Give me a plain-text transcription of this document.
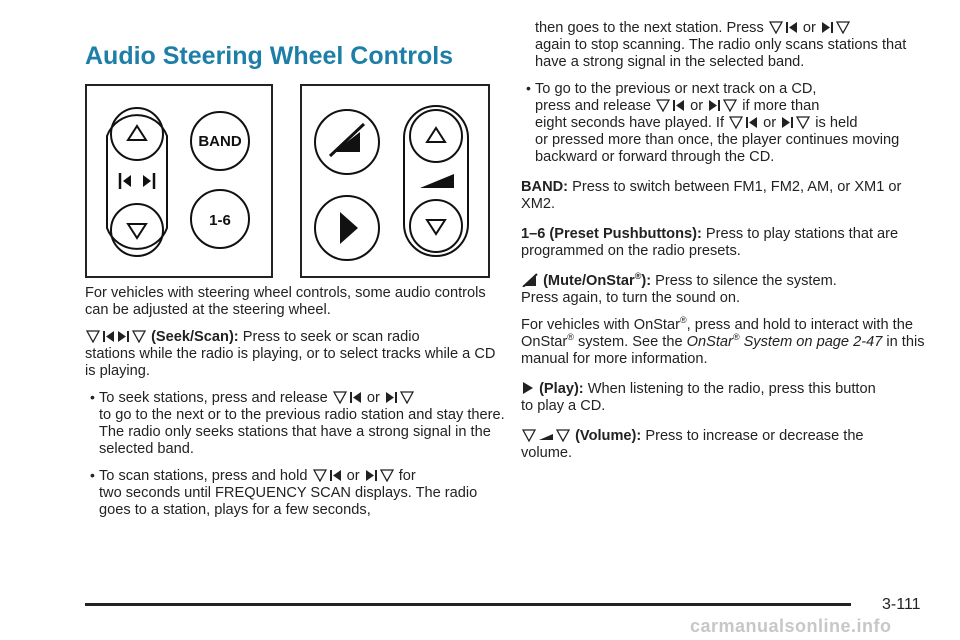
Audio Steering Wheel Controls
BAND
1-6

For vehicles with steering wheel controls, some audio controls can be adjusted at the steering wheel.

(Seek/Scan): Press to seek or scan radio
stations while the radio is playing, or to select tracks while a CD is playing.

• To seek stations, press and release	or
to go to the next or to the previous radio station and stay there. The radio only seeks stations that have a strong signal in the selected band.
• To scan stations, press and hold	or	for
two seconds until FREQUENCY SCAN displays. The radio goes to a station, plays for a few seconds,
then goes to the next station. Press	or
again to stop scanning. The radio only scans stations that have a strong signal in the selected band.
• To go to the previous or next track on a CD,
press and release	or	if more than
eight seconds have played. If	or	is held
or pressed more than once, the player continues moving backward or forward through the CD.

BAND: Press to switch between FM1, FM2, AM, or XM1 or XM2.

1–6 (Preset Pushbuttons): Press to play stations that are programmed on the radio presets.

(Mute/OnStar®): Press to silence the system.
Press again, to turn the sound on.

For vehicles with OnStar®, press and hold to interact with the OnStar® system. See the OnStar® System on page 2-47 in this manual for more information.

(Play): When listening to the radio, press this button
to play a CD.

(Volume): Press to increase or decrease the
volume.

3-111
carmanualsonline.info
